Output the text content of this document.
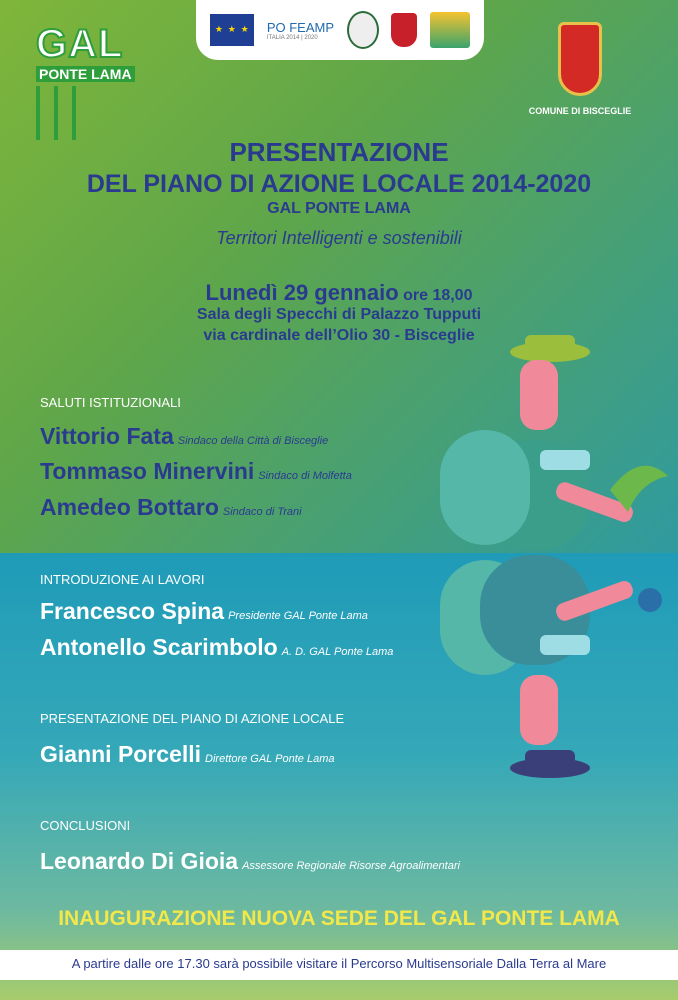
★ ★ ★	PO FEAMP
ITALIA 2014 | 2020
GAL
PONTE LAMA
COMUNE DI BISCEGLIE
PRESENTAZIONE
DEL PIANO DI AZIONE LOCALE 2014-2020
GAL PONTE LAMA
Territori Intelligenti e sostenibili
Lunedì 29 gennaio ore 18,00
Sala degli Specchi di Palazzo Tupputi
via cardinale dell’Olio 30 - Bisceglie
SALUTI ISTITUZIONALI
Vittorio Fata Sindaco della Città di Bisceglie
Tommaso Minervini Sindaco di Molfetta
Amedeo Bottaro Sindaco di Trani
INTRODUZIONE AI LAVORI
Francesco Spina Presidente GAL Ponte Lama
Antonello Scarimbolo A. D. GAL Ponte Lama
PRESENTAZIONE DEL PIANO DI AZIONE LOCALE
Gianni Porcelli Direttore GAL Ponte Lama
CONCLUSIONI
Leonardo Di Gioia Assessore Regionale Risorse Agroalimentari
INAUGURAZIONE NUOVA SEDE DEL GAL PONTE LAMA
A partire dalle ore 17.30 sarà possibile visitare il Percorso Multisensoriale Dalla Terra al Mare
